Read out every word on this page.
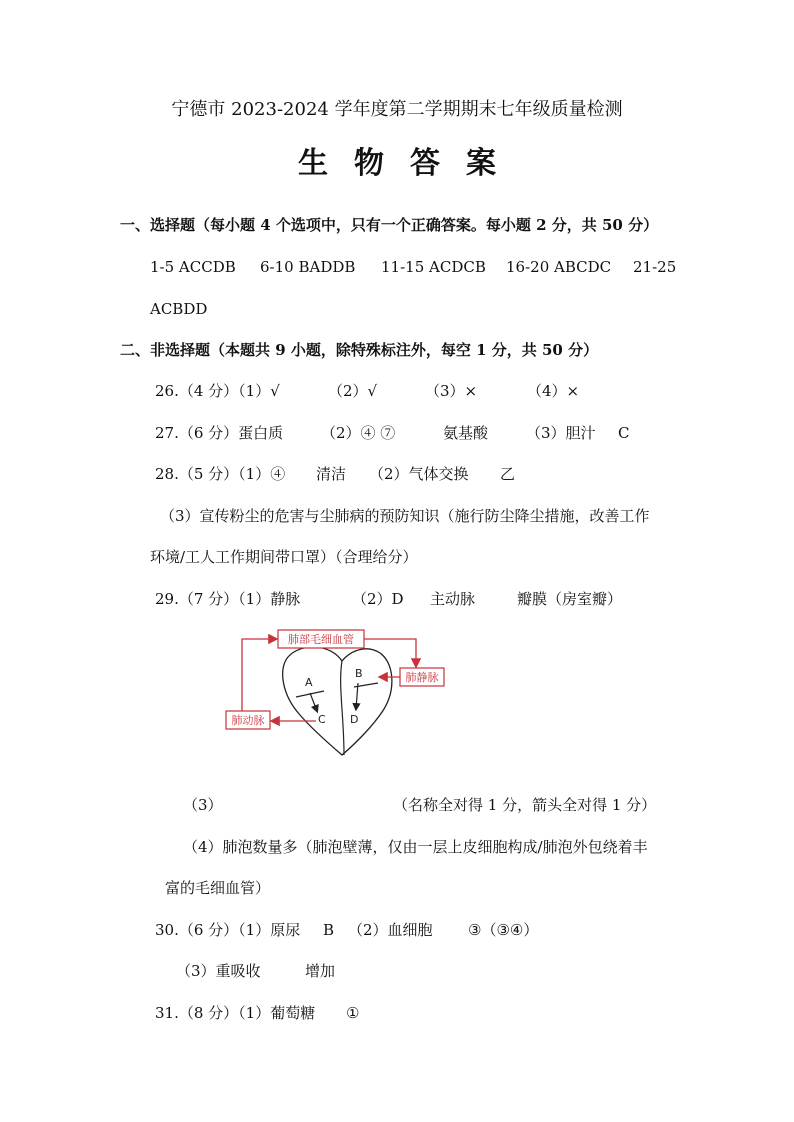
宁德市 2023-2024 学年度第二学期期末七年级质量检测
生物答案
一、选择题（每小题 4 个选项中，只有一个正确答案。每小题 2 分，共 50 分）
1-5 ACCDB 6-10 BADDB 11-15 ACDCB 16-20 ABCDC 21-25
ACBDD
二、非选择题（本题共 9 小题，除特殊标注外，每空 1 分，共 50 分）
26.（4 分）（1）√	（2）√	（3）×	（4）×
27.（6 分）蛋白质	（2）④ ⑦	氨基酸	（3）胆汁 C
28.（5 分）（1）④ 清洁 （2）气体交换 乙
（3）宣传粉尘的危害与尘肺病的预防知识（施行防尘降尘措施，改善工作
环境/工人工作期间带口罩）（合理给分）
29.（7 分）（1）静脉	（2）D 主动脉	瓣膜（房室瓣）
A
B
C D
肺部毛细血管
肺静脉
肺动脉
（3）	（名称全对得 1 分，箭头全对得 1 分）
（4）肺泡数量多（肺泡壁薄，仅由一层上皮细胞构成/肺泡外包绕着丰
富的毛细血管）
30.（6 分）（1）原尿 B （2）血细胞 ③（③④）
（3）重吸收	增加
31.（8 分）（1）葡萄糖 ①
